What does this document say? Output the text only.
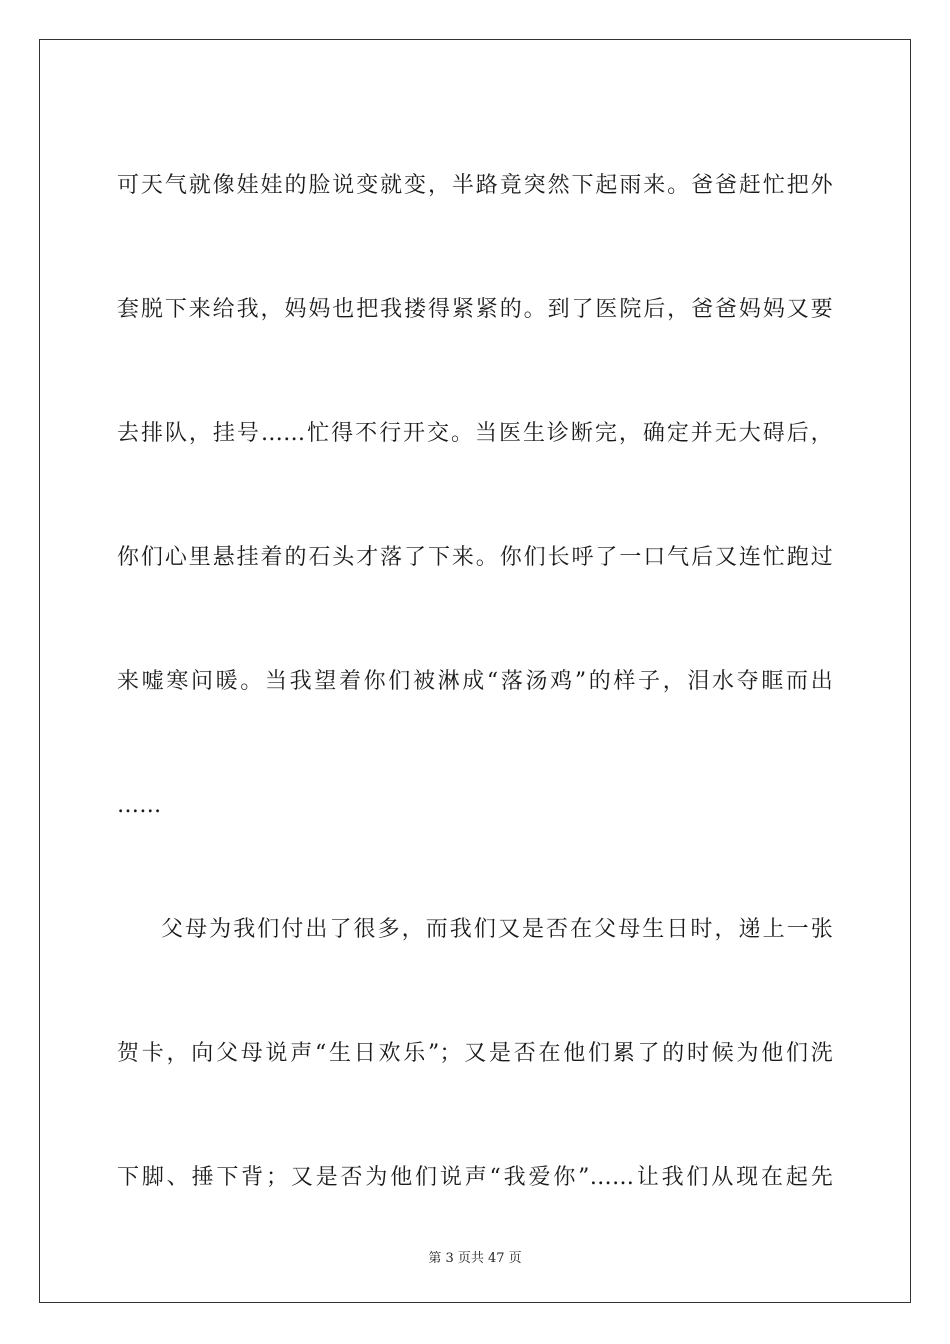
可天气就像娃娃的脸说变就变，半路竟突然下起雨来。爸爸赶忙把外
套脱下来给我，妈妈也把我搂得紧紧的。到了医院后，爸爸妈妈又要
去排队，挂号……忙得不行开交。当医生诊断完，确定并无大碍后，
你们心里悬挂着的石头才落了下来。你们长呼了一口气后又连忙跑过
来嘘寒问暖。当我望着你们被淋成“落汤鸡”的样子，泪水夺眶而出
……
父母为我们付出了很多，而我们又是否在父母生日时，递上一张
贺卡，向父母说声“生日欢乐”；又是否在他们累了的时候为他们洗
下脚、捶下背；又是否为他们说声“我爱你”……让我们从现在起先
第 3 页共 47 页
